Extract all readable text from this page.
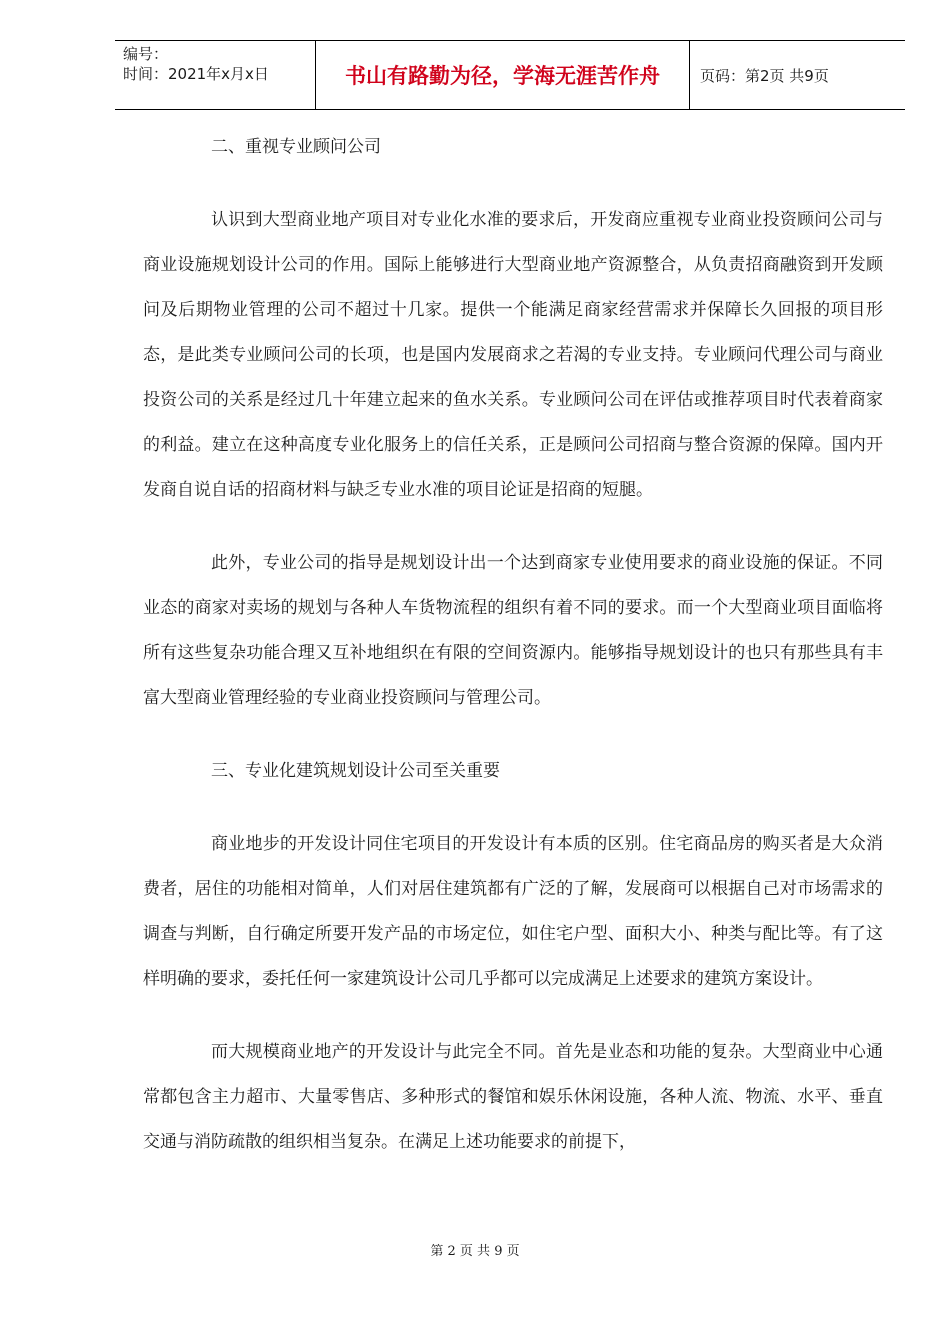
编号：
时间：2021年x月x日	书山有路勤为径，学海无涯苦作舟	页码：第2页 共9页

二、重视专业顾问公司

认识到大型商业地产项目对专业化水准的要求后，开发商应重视专业商业投资顾问公司与商业设施规划设计公司的作用。国际上能够进行大型商业地产资源整合，从负责招商融资到开发顾问及后期物业管理的公司不超过十几家。提供一个能满足商家经营需求并保障长久回报的项目形态，是此类专业顾问公司的长项，也是国内发展商求之若渴的专业支持。专业顾问代理公司与商业投资公司的关系是经过几十年建立起来的鱼水关系。专业顾问公司在评估或推荐项目时代表着商家的利益。建立在这种高度专业化服务上的信任关系，正是顾问公司招商与整合资源的保障。国内开发商自说自话的招商材料与缺乏专业水准的项目论证是招商的短腿。

此外，专业公司的指导是规划设计出一个达到商家专业使用要求的商业设施的保证。不同业态的商家对卖场的规划与各种人车货物流程的组织有着不同的要求。而一个大型商业项目面临将所有这些复杂功能合理又互补地组织在有限的空间资源内。能够指导规划设计的也只有那些具有丰富大型商业管理经验的专业商业投资顾问与管理公司。

三、专业化建筑规划设计公司至关重要

商业地步的开发设计同住宅项目的开发设计有本质的区别。住宅商品房的购买者是大众消费者，居住的功能相对简单，人们对居住建筑都有广泛的了解，发展商可以根据自己对市场需求的调查与判断，自行确定所要开发产品的市场定位，如住宅户型、面积大小、种类与配比等。有了这样明确的要求，委托任何一家建筑设计公司几乎都可以完成满足上述要求的建筑方案设计。

而大规模商业地产的开发设计与此完全不同。首先是业态和功能的复杂。大型商业中心通常都包含主力超市、大量零售店、多种形式的餐馆和娱乐休闲设施，各种人流、物流、水平、垂直交通与消防疏散的组织相当复杂。在满足上述功能要求的前提下，

第 2 页 共 9 页
